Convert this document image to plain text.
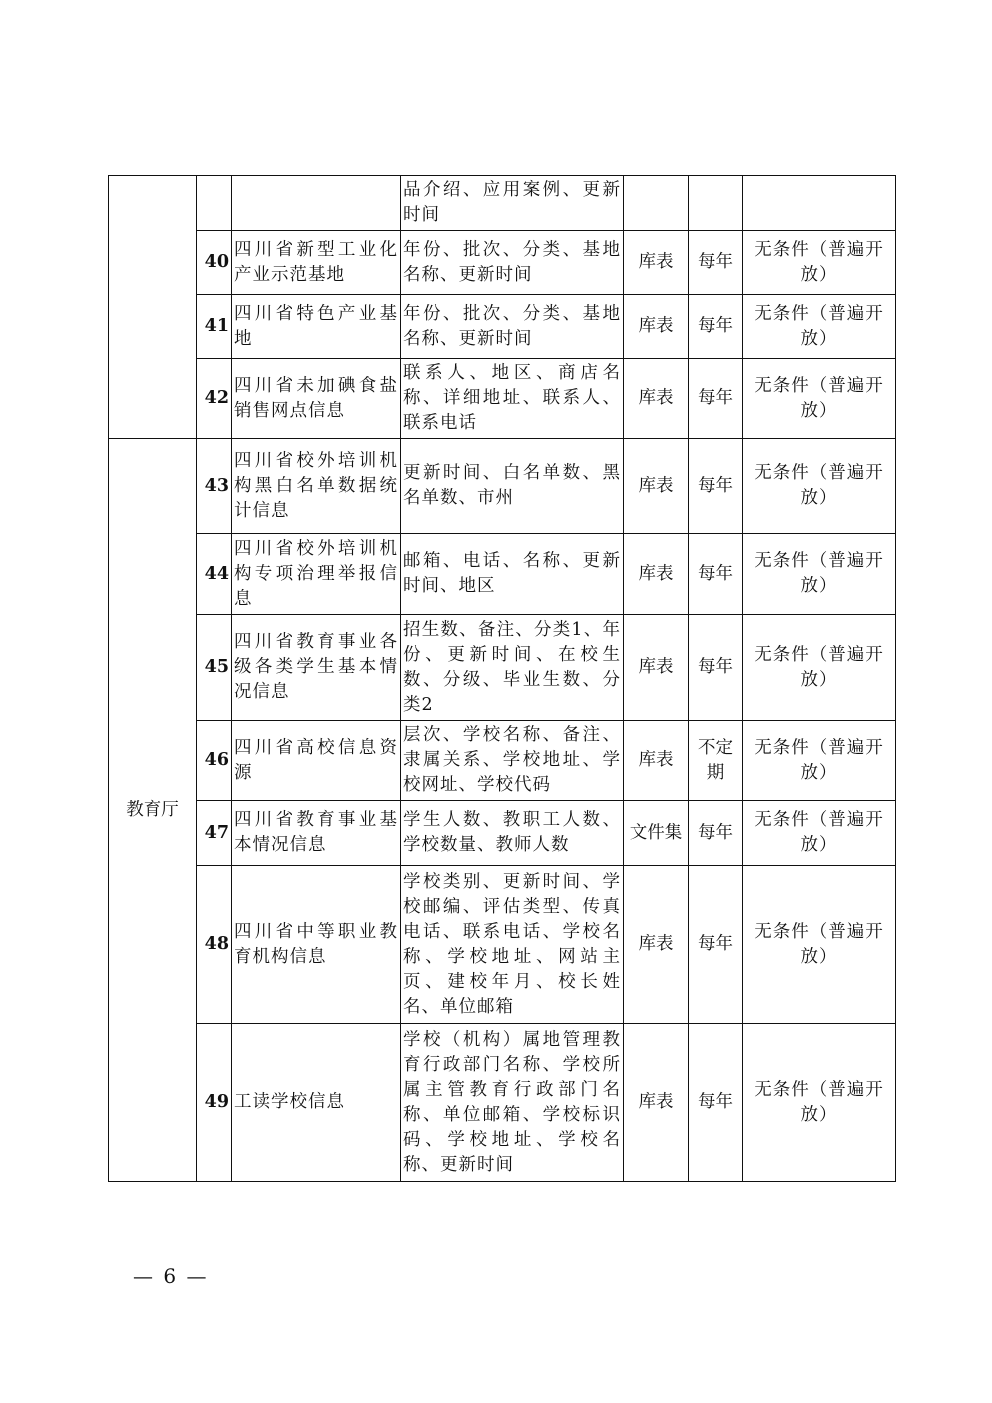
			品介绍、应用案例、更新时间			
	40	四川省新型工业化产业示范基地	年份、批次、分类、基地名称、更新时间	库表	每年	无条件（普遍开放）
	41	四川省特色产业基地	年份、批次、分类、基地名称、更新时间	库表	每年	无条件（普遍开放）
	42	四川省未加碘食盐销售网点信息	联系人、地区、商店名称、详细地址、联系人、联系电话	库表	每年	无条件（普遍开放）
教育厅	43	四川省校外培训机构黑白名单数据统计信息	更新时间、白名单数、黑名单数、市州	库表	每年	无条件（普遍开放）
	44	四川省校外培训机构专项治理举报信息	邮箱、电话、名称、更新时间、地区	库表	每年	无条件（普遍开放）
	45	四川省教育事业各级各类学生基本情况信息	招生数、备注、分类1、年份、更新时间、在校生数、分级、毕业生数、分类2	库表	每年	无条件（普遍开放）
	46	四川省高校信息资源	层次、学校名称、备注、隶属关系、学校地址、学校网址、学校代码	库表	不定期	无条件（普遍开放）
	47	四川省教育事业基本情况信息	学生人数、教职工人数、学校数量、教师人数	文件集	每年	无条件（普遍开放）
	48	四川省中等职业教育机构信息	学校类别、更新时间、学校邮编、评估类型、传真电话、联系电话、学校名称、学校地址、网站主页、建校年月、校长姓名、单位邮箱	库表	每年	无条件（普遍开放）
	49	工读学校信息	学校（机构）属地管理教育行政部门名称、学校所属主管教育行政部门名称、单位邮箱、学校标识码、学校地址、学校名称、更新时间	库表	每年	无条件（普遍开放）
— 6 —
